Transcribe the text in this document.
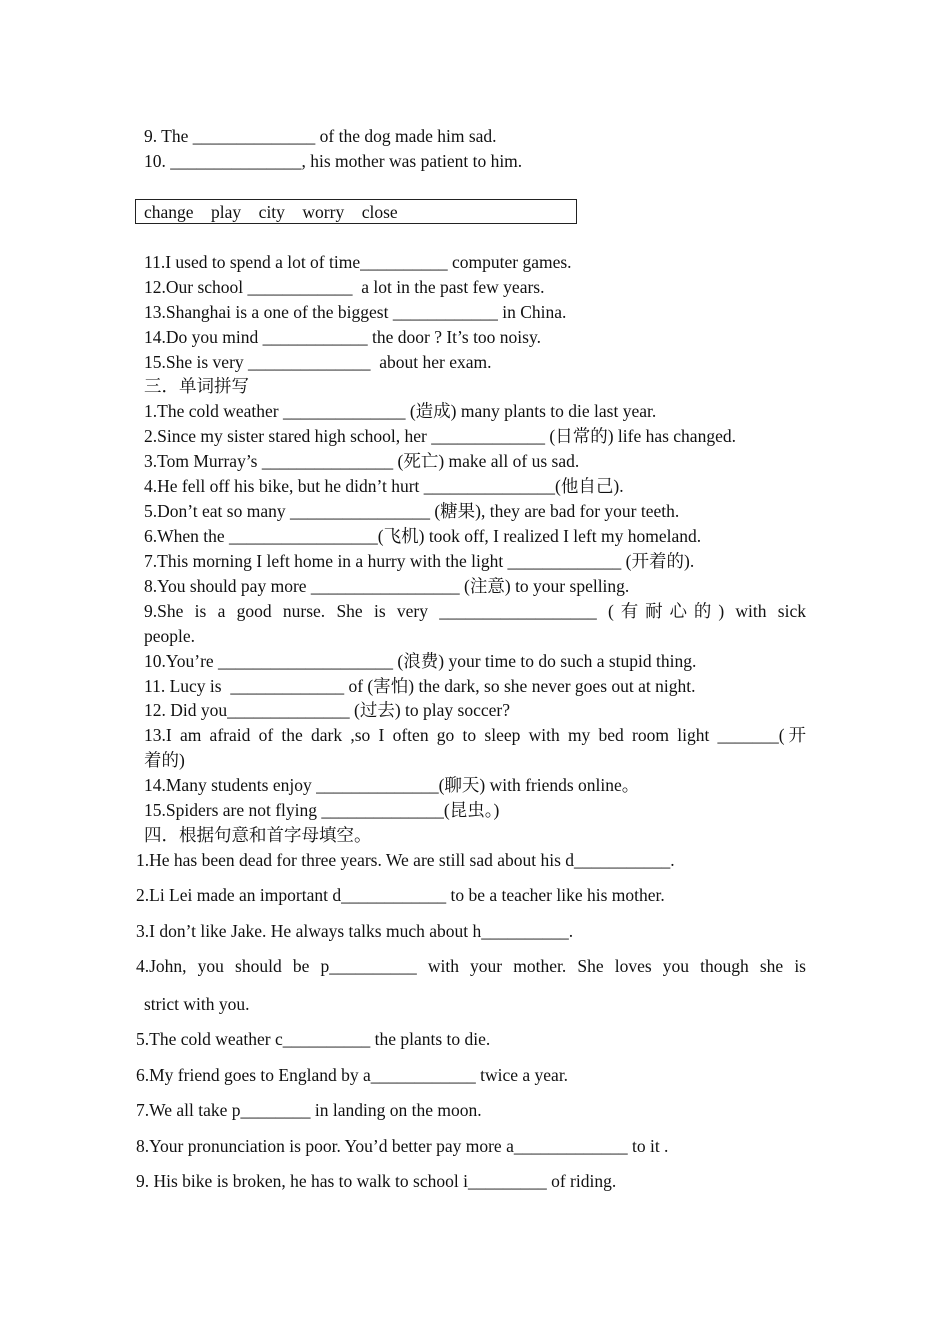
9. The ______________ of the dog made him sad.
10. _______________, his mother was patient to him.
change    play    city    worry    close
11.I used to spend a lot of time__________ computer games.
12.Our school ____________  a lot in the past few years.
13.Shanghai is a one of the biggest ____________ in China.
14.Do you mind ____________ the door ? It’s too noisy.
15.She is very ______________  about her exam.
三．单词拼写
1.The cold weather ______________ (造成) many plants to die last year.
2.Since my sister stared high school, her _____________ (日常的) life has changed.
3.Tom Murray’s _______________ (死亡) make all of us sad.
4.He fell off his bike, but he didn’t hurt _______________(他自己).
5.Don’t eat so many ________________ (糖果), they are bad for your teeth.
6.When the _________________(飞机) took off, I realized I left my homeland.
7.This morning I left home in a hurry with the light _____________ (开着的).
8.You should pay more _________________ (注意) to your spelling.
9.She is a good nurse. She is very __________________ (有耐心的) with sick
people.
10.You’re ____________________ (浪费) your time to do such a stupid thing.
11. Lucy is  _____________ of (害怕) the dark, so she never goes out at night.
12. Did you______________ (过去) to play soccer?
13.I am afraid of the dark ,so I often go to sleep with my bed room light _______(开
着的)
14.Many students enjoy ______________(聊天) with friends online。
15.Spiders are not flying ______________(昆虫。)
四．根据句意和首字母填空。
1.He has been dead for three years. We are still sad about his d___________.
2.Li Lei made an important d____________ to be a teacher like his mother.
3.I don’t like Jake. He always talks much about h__________.
4.John, you should be p__________ with your mother. She loves you though she is
strict with you.
5.The cold weather c__________ the plants to die.
6.My friend goes to England by a____________ twice a year.
7.We all take p________ in landing on the moon.
8.Your pronunciation is poor. You’d better pay more a_____________ to it .
9. His bike is broken, he has to walk to school i_________ of riding.
